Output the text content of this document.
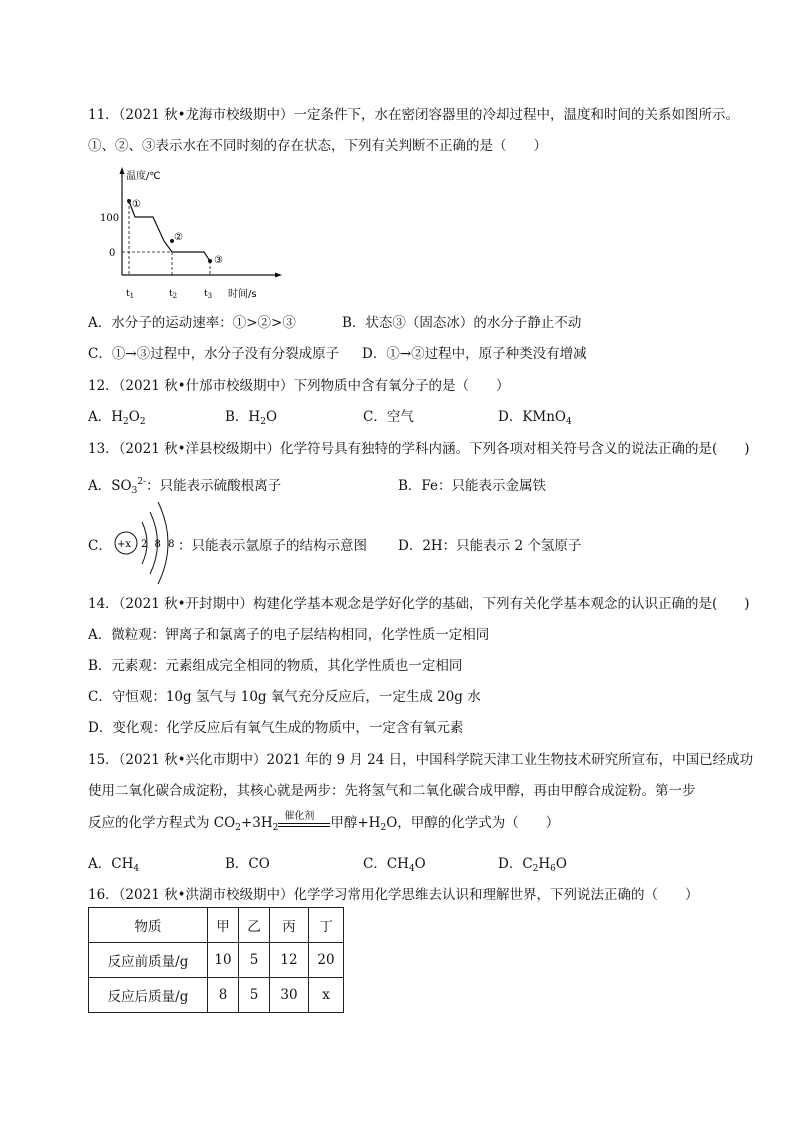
11．（2021 秋•龙海市校级期中）一定条件下，水在密闭容器里的冷却过程中，温度和时间的关系如图所示。
①、②、③表示水在不同时刻的存在状态，下列有关判断不正确的是（　　）
温度/℃
100
0
①
②
③
$t_1$	$t_2$	$t_3$ 时间/s
A．水分子的运动速率：①>②>③	B．状态③（固态冰）的水分子静止不动
C．①→③过程中，水分子没有分裂成原子 D．①→②过程中，原子种类没有增减
12．（2021 秋•什邡市校级期中）下列物质中含有氧分子的是（　　）
A．$H_2O_2$	B．$H_2O$	C．空气	D．KMnO$_4$
13．（2021 秋•洋县校级期中）化学符号具有独特的学科内涵。下列各项对相关符号含义的说法正确的是(　　)
A．$SO_3^{2-}$：只能表示硫酸根离子	B．Fe：只能表示金属铁
C． +x 2 8 8 ：只能表示氩原子的结构示意图 D．2H：只能表示 2 个氢原子
14．（2021 秋•开封期中）构建化学基本观念是学好化学的基础，下列有关化学基本观念的认识正确的是(　　)
A．微粒观：钾离子和氯离子的电子层结构相同，化学性质一定相同
B．元素观：元素组成完全相同的物质，其化学性质也一定相同
C．守恒观：10g 氢气与 10g 氧气充分反应后，一定生成 20g 水
D．变化观：化学反应后有氧气生成的物质中，一定含有氧元素
15．（2021 秋•兴化市期中）2021 年的 9 月 24 日，中国科学院天津工业生物技术研究所宣布，中国已经成功
使用二氧化碳合成淀粉，其核心就是两步：先将氢气和二氧化碳合成甲醇，再由甲醇合成淀粉。第一步
反应的化学方程式为 $CO_2+3H_2$
催化剂 甲醇$+H_2O$，甲醇的化学式为（　　）
A．$CH_4$	B．CO	C．$CH_4O$	D．$C_2H_6O$
16．（2021 秋•洪湖市校级期中）化学学习常用化学思维去认识和理解世界，下列说法正确的（　　）
物质	甲	乙	丙	丁
反应前质量/g	10	5	12	20
反应后质量/g	8	5	30	x
